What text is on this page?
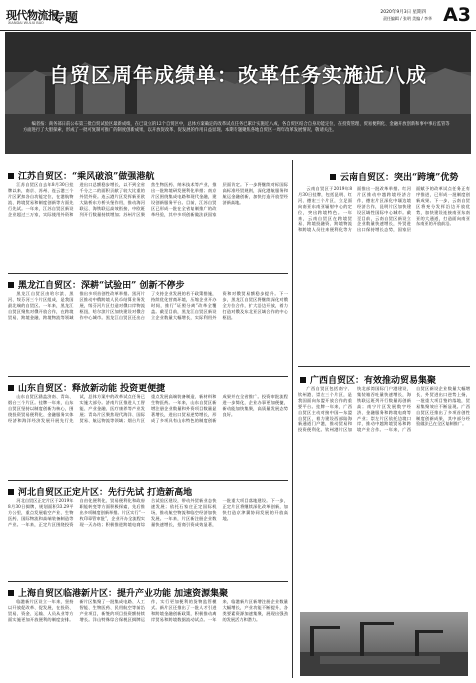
现代物流报
XIANDAI WULIU BAO 专题	2020年9月3日 星期四
责任编辑 / 张明 美编 / 李华 A3
自贸区周年成绩单：改革任务实施近八成
编者按：商务部日前公布第三批自贸试验区最新成绩，在已设立的12个自贸区中，总体方案确定的改革试点任务已累计实施近八成，各自贸区结合自身功能定位，在投资管理、贸易便利化、金融开放创新和事中事后监管等方面进行了大胆探索，形成了一批可复制可推广的制度创新成果，以开放促改革、促发展的作用日益显现。本期专题聚焦各地自贸区一周年改革发展情况，敬请关注。
江苏自贸区：“乘风破浪”做强港航
黑龙江自贸区：深耕“试验田” 创新不停步
山东自贸区：释放新动能 投资更便捷
河北自贸区正定片区：先行先试 打造新高地
上海自贸区临港新片区：提升产业功能 加速资源集聚
云南自贸区：突出“跨境”优势
广西自贸区：有效推动贸易集聚

江苏自贸区自去年8月30日挂牌以来，南京、苏州、连云港三个片区紧扣各自功能定位，在港航物流、跨境贸易和制度创新等方面先行先试。一年来，江苏自贸区新设企业超过三万家，实际使用外资和进出口总额稳步增长，以不到全省千分之二的面积贡献了较大比重的外贸外资。连云港片区发挥新亚欧大陆桥东方桥头堡作用，推动海河联运、海铁联运高效衔接，中欧班列开行数量持续增加；苏州片区聚焦生物医药、纳米技术等产业，推出一批跨境研发便利化举措；南京片区围绕集成电路和现代金融，建设创新服务平台。目前，江苏自贸区已形成一批在全省复制推广的改革经验，其中多项创新做法获国家层面肯定。下一步将继续对标国际高标准经贸规则，深化港航服务和航运金融创新，加快打造开放型经济新高地。

黑龙江自贸区由哈尔滨、黑河、绥芬河三个片区组成，是我国最北端的自贸区。一年来，黑龙江自贸区聚焦对俄开放合作，在跨境贸易、跨境金融、跨境物流等领域推出多项首创性改革举措。黑河片区推动中俄跨境人民币结算业务发展，绥芬河片区打造对俄口岸物流枢纽，哈尔滨片区加快建设对俄合作中心城市。黑龙江自贸区还出台了支持企业发展的若干政策措施，持续优化营商环境，压缩企业开办时间，推行“证照分离”改革全覆盖。截至目前，黑龙江自贸区新设立企业数量大幅增长，实际利用外资和对俄贸易额稳步提升。下一步，黑龙江自贸区将继续深化对俄全方位合作，扩大沿边开放，着力打造对俄及东北亚区域合作的中心枢纽。

山东自贸区涵盖济南、青岛、烟台三个片区。挂牌一年来，山东自贸区坚持以制度创新为核心，围绕投资贸易便利化、金融服务实体经济和海洋经济发展开展先行先试，总体方案中的改革试点任务已实施大部分。济南片区推进人工智能、产业金融、医疗康养等产业发展；青岛片区聚焦现代海洋、国际贸易、航运物流等领域；烟台片区重点发展高端装备制造、新材料和生物医药。一年来，山东自贸区新增注册企业数量和外资项目数量显著增长，进出口贸易逆势增长，形成了多项具有山东特色的制度创新成果并在全省推广。投资审批流程进一步简化，企业办事更加便捷，新动能加快集聚，高质量发展态势良好。

河北自贸区正定片区于2019年8月30日揭牌，规划面积33.29平方公里，重点发展临空产业、生物医药、国际物流和高端装备制造等产业。一年来，正定片区围绕投资自由化便利化、贸易便利化和政府职能转变等方面积极探索，先后推出多项制度创新举措。片区实行“一枚印章管审批”，企业开办全流程实现一天办结；积极推进跨境电商综合试验区建设，带动外贸新业态快速发展；依托石家庄正定国际机场，推动航空物流和临空经济加快发展。一年来，片区新注册企业数量快速增长，招商引资成效显著，一批重大项目落地建设。下一步，正定片区将继续深化改革创新，加快打造京津冀协同发展的开放高地。

临港新片区设立一年来，坚持以开放促改革、促发展，在投资、贸易、资金、运输、人员从业等方面实施更加开放便利的制度安排。新片区集聚了一批集成电路、人工智能、生物医药、民用航空等前沿产业项目，新签约项目投资额持续增长。洋山特殊综合保税区揭牌运作，实行更加便利的货物监管模式。新片区还推出了一批人才引进和跨境金融创新政策，积极推动离岸贸易和跨境数据流动试点。一年来，临港新片区新增注册企业数量大幅增长，产业功能不断提升，各类要素资源加速集聚，展现出强劲的发展活力和潜力。

云南自贸区于2019年8月30日挂牌，包括昆明、红河、德宏三个片区，立足面向南亚东南亚辐射中心的定位，突出跨境特色。一年来，云南自贸区在跨境贸易、跨境投融资、跨境物流和跨境人员往来便利化等方面推出一批改革举措。红河片区推动中越跨境经济合作，德宏片区深化中缅边境经济合作，昆明片区加快建设区域性国际中心城市。截至目前，云南自贸区新设立企业数量快速增长，外贸进出口保持增长态势，国家层面赋予的改革试点任务正有序推进，已形成一批制度创新成果。下一步，云南自贸区将充分发挥沿边开放优势，加快建设连接南亚东南亚的大通道，打造面向南亚东南亚的开放前沿。

广西自贸区包括南宁、钦州港、崇左三个片区，是我国面向东盟开放合作的重要平台。挂牌一年来，广西自贸区主动对接中国—东盟自贸区，着力建设西部陆海新通道门户港，推动贸易和投资便利化。钦州港片区加快北部湾国际门户港建设，集装箱吞吐量快速增长，海铁联运班列开行数量再创新高；南宁片区发展数字经济、金融服务和跨境电商等产业；崇左片区依托边境口岸，推动中越跨境贸易和跨境产业合作。一年来，广西自贸区新设企业数量大幅增长，外贸进出口逆势上扬，一批重大项目签约落地，贸易集聚效应不断显现。广西自贸区还推出了多项首创性制度创新成果，其中部分经验做法已在全区复制推广。
